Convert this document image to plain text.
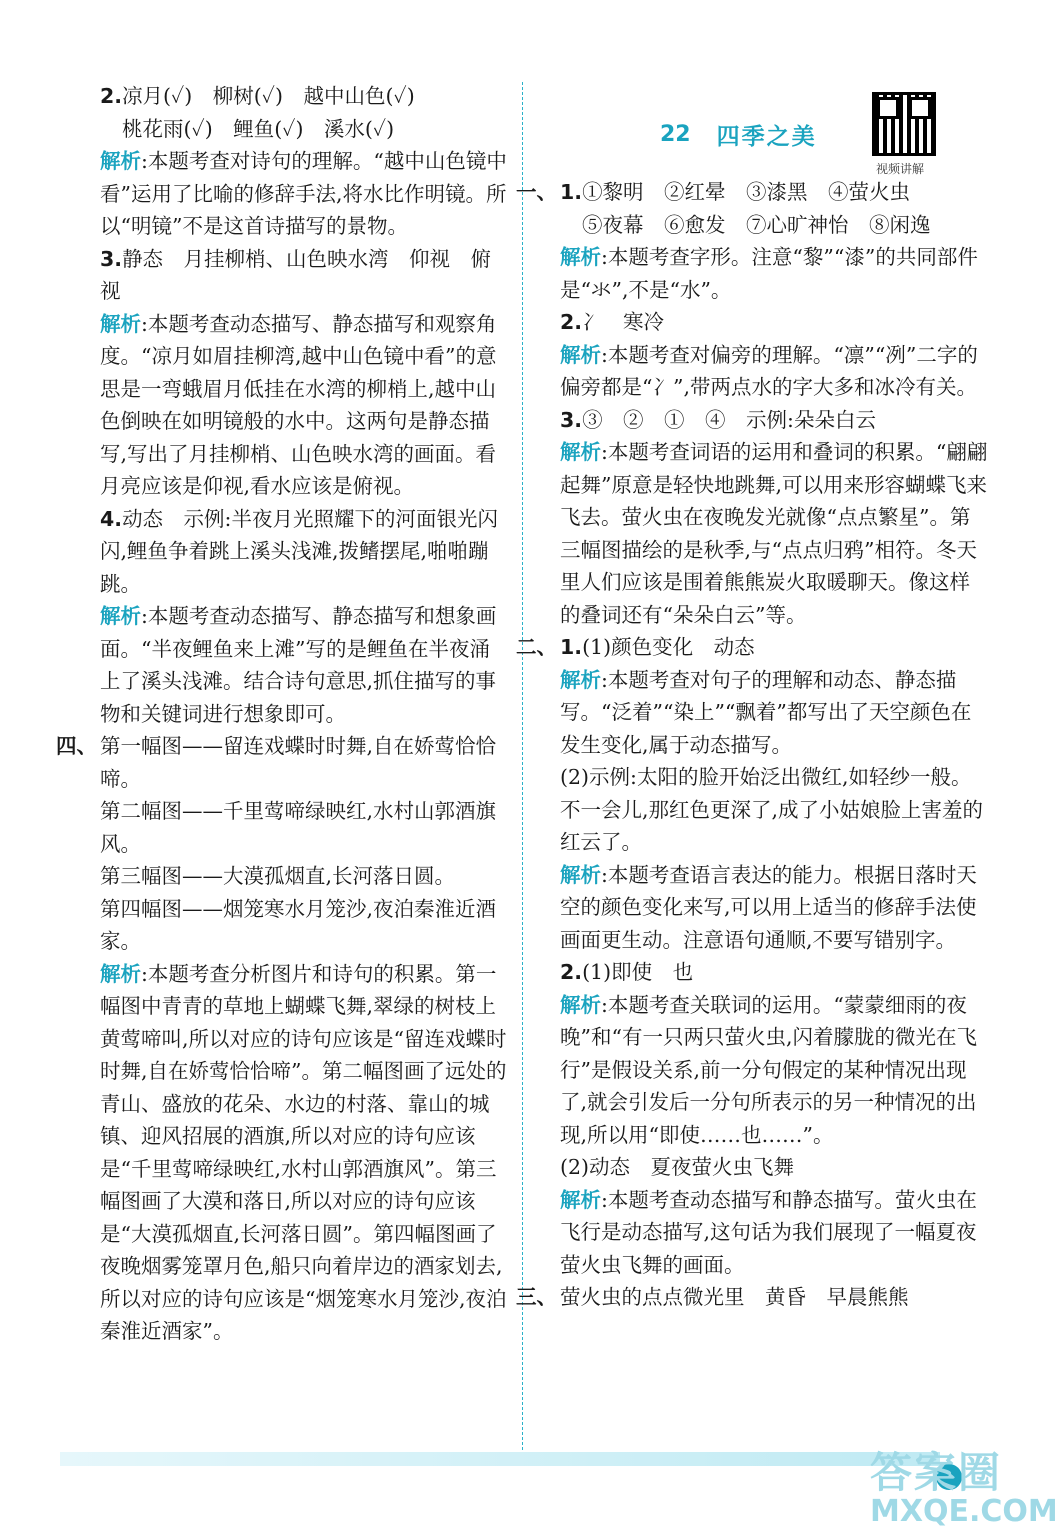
视频讲解
22 四季之美
2.凉月(✓)　柳树(✓)　越中山色(✓)
桃花雨(✓)　鲤鱼(✓)　溪水(✓)
解析:本题考查对诗句的理解。“越中山色镜中看”运用了比喻的修辞手法,将水比作明镜。所以“明镜”不是这首诗描写的景物。
3.静态　月挂柳梢、山色映水湾　仰视　俯视
解析:本题考查动态描写、静态描写和观察角度。“凉月如眉挂柳湾,越中山色镜中看”的意思是一弯蛾眉月低挂在水湾的柳梢上,越中山色倒映在如明镜般的水中。这两句是静态描写,写出了月挂柳梢、山色映水湾的画面。看月亮应该是仰视,看水应该是俯视。
4.动态　示例:半夜月光照耀下的河面银光闪闪,鲤鱼争着跳上溪头浅滩,拨鳍摆尾,啪啪蹦跳。
解析:本题考查动态描写、静态描写和想象画面。“半夜鲤鱼来上滩”写的是鲤鱼在半夜涌上了溪头浅滩。结合诗句意思,抓住描写的事物和关键词进行想象即可。
四、 第一幅图——留连戏蝶时时舞,自在娇莺恰恰啼。
第二幅图——千里莺啼绿映红,水村山郭酒旗风。
第三幅图——大漠孤烟直,长河落日圆。
第四幅图——烟笼寒水月笼沙,夜泊秦淮近酒家。
解析:本题考查分析图片和诗句的积累。第一幅图中青青的草地上蝴蝶飞舞,翠绿的树枝上黄莺啼叫,所以对应的诗句应该是“留连戏蝶时时舞,自在娇莺恰恰啼”。第二幅图画了远处的青山、盛放的花朵、水边的村落、靠山的城镇、迎风招展的酒旗,所以对应的诗句应该是“千里莺啼绿映红,水村山郭酒旗风”。第三幅图画了大漠和落日,所以对应的诗句应该是“大漠孤烟直,长河落日圆”。第四幅图画了夜晚烟雾笼罩月色,船只向着岸边的酒家划去,所以对应的诗句应该是“烟笼寒水月笼沙,夜泊秦淮近酒家”。
一、 1.①黎明　②红晕　③漆黑　④萤火虫
⑤夜幕　⑥愈发　⑦心旷神怡　⑧闲逸
解析:本题考查字形。注意“黎”“漆”的共同部件是“氺”,不是“水”。
2.冫　寒冷
解析:本题考查对偏旁的理解。“凛”“冽”二字的偏旁都是“冫”,带两点水的字大多和冰冷有关。
3.③　②　①　④　示例:朵朵白云
解析:本题考查词语的运用和叠词的积累。“翩翩起舞”原意是轻快地跳舞,可以用来形容蝴蝶飞来飞去。萤火虫在夜晚发光就像“点点繁星”。第三幅图描绘的是秋季,与“点点归鸦”相符。冬天里人们应该是围着熊熊炭火取暖聊天。像这样的叠词还有“朵朵白云”等。
二、 1.(1)颜色变化　动态
解析:本题考查对句子的理解和动态、静态描写。“泛着”“染上”“飘着”都写出了天空颜色在发生变化,属于动态描写。
(2)示例:太阳的脸开始泛出微红,如轻纱一般。不一会儿,那红色更深了,成了小姑娘脸上害羞的红云了。
解析:本题考查语言表达的能力。根据日落时天空的颜色变化来写,可以用上适当的修辞手法使画面更生动。注意语句通顺,不要写错别字。
2.(1)即使　也
解析:本题考查关联词的运用。“蒙蒙细雨的夜晚”和“有一只两只萤火虫,闪着朦胧的微光在飞行”是假设关系,前一分句假定的某种情况出现了,就会引发后一分句所表示的另一种情况的出现,所以用“即使……也……”。
(2)动态　夏夜萤火虫飞舞
解析:本题考查动态描写和静态描写。萤火虫在飞行是动态描写,这句话为我们展现了一幅夏夜萤火虫飞舞的画面。
三、 萤火虫的点点微光里　黄昏　早晨熊熊
答案圈
MXQE.COM
